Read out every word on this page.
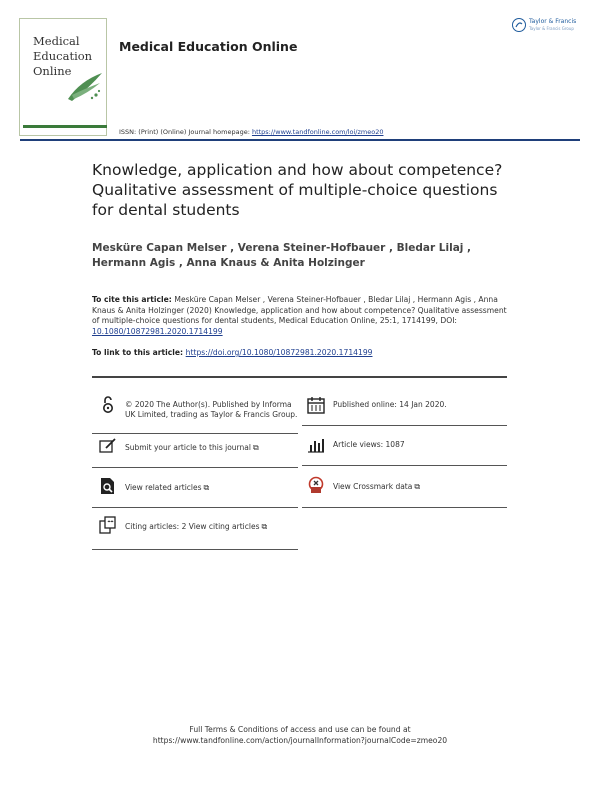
Medical
Education
Online
Medical Education Online
Taylor & Francis
Taylor & Francis Group
ISSN: (Print) (Online) Journal homepage: https://www.tandfonline.com/loi/zmeo20
Knowledge, application and how about competence? Qualitative assessment of multiple-choice questions for dental students
Mesküre Capan Melser , Verena Steiner-Hofbauer , Bledar Lilaj , Hermann Agis , Anna Knaus & Anita Holzinger
To cite this article: Mesküre Capan Melser , Verena Steiner-Hofbauer , Bledar Lilaj , Hermann Agis , Anna Knaus & Anita Holzinger (2020) Knowledge, application and how about competence? Qualitative assessment of multiple-choice questions for dental students, Medical Education Online, 25:1, 1714199, DOI: 10.1080/10872981.2020.1714199
To link to this article: https://doi.org/10.1080/10872981.2020.1714199
© 2020 The Author(s). Published by Informa UK Limited, trading as Taylor & Francis Group.
Submit your article to this journal ⧉
View related articles ⧉
Citing articles: 2 View citing articles ⧉
Published online: 14 Jan 2020.
Article views: 1087
View Crossmark data ⧉
Full Terms & Conditions of access and use can be found at
https://www.tandfonline.com/action/journalInformation?journalCode=zmeo20
